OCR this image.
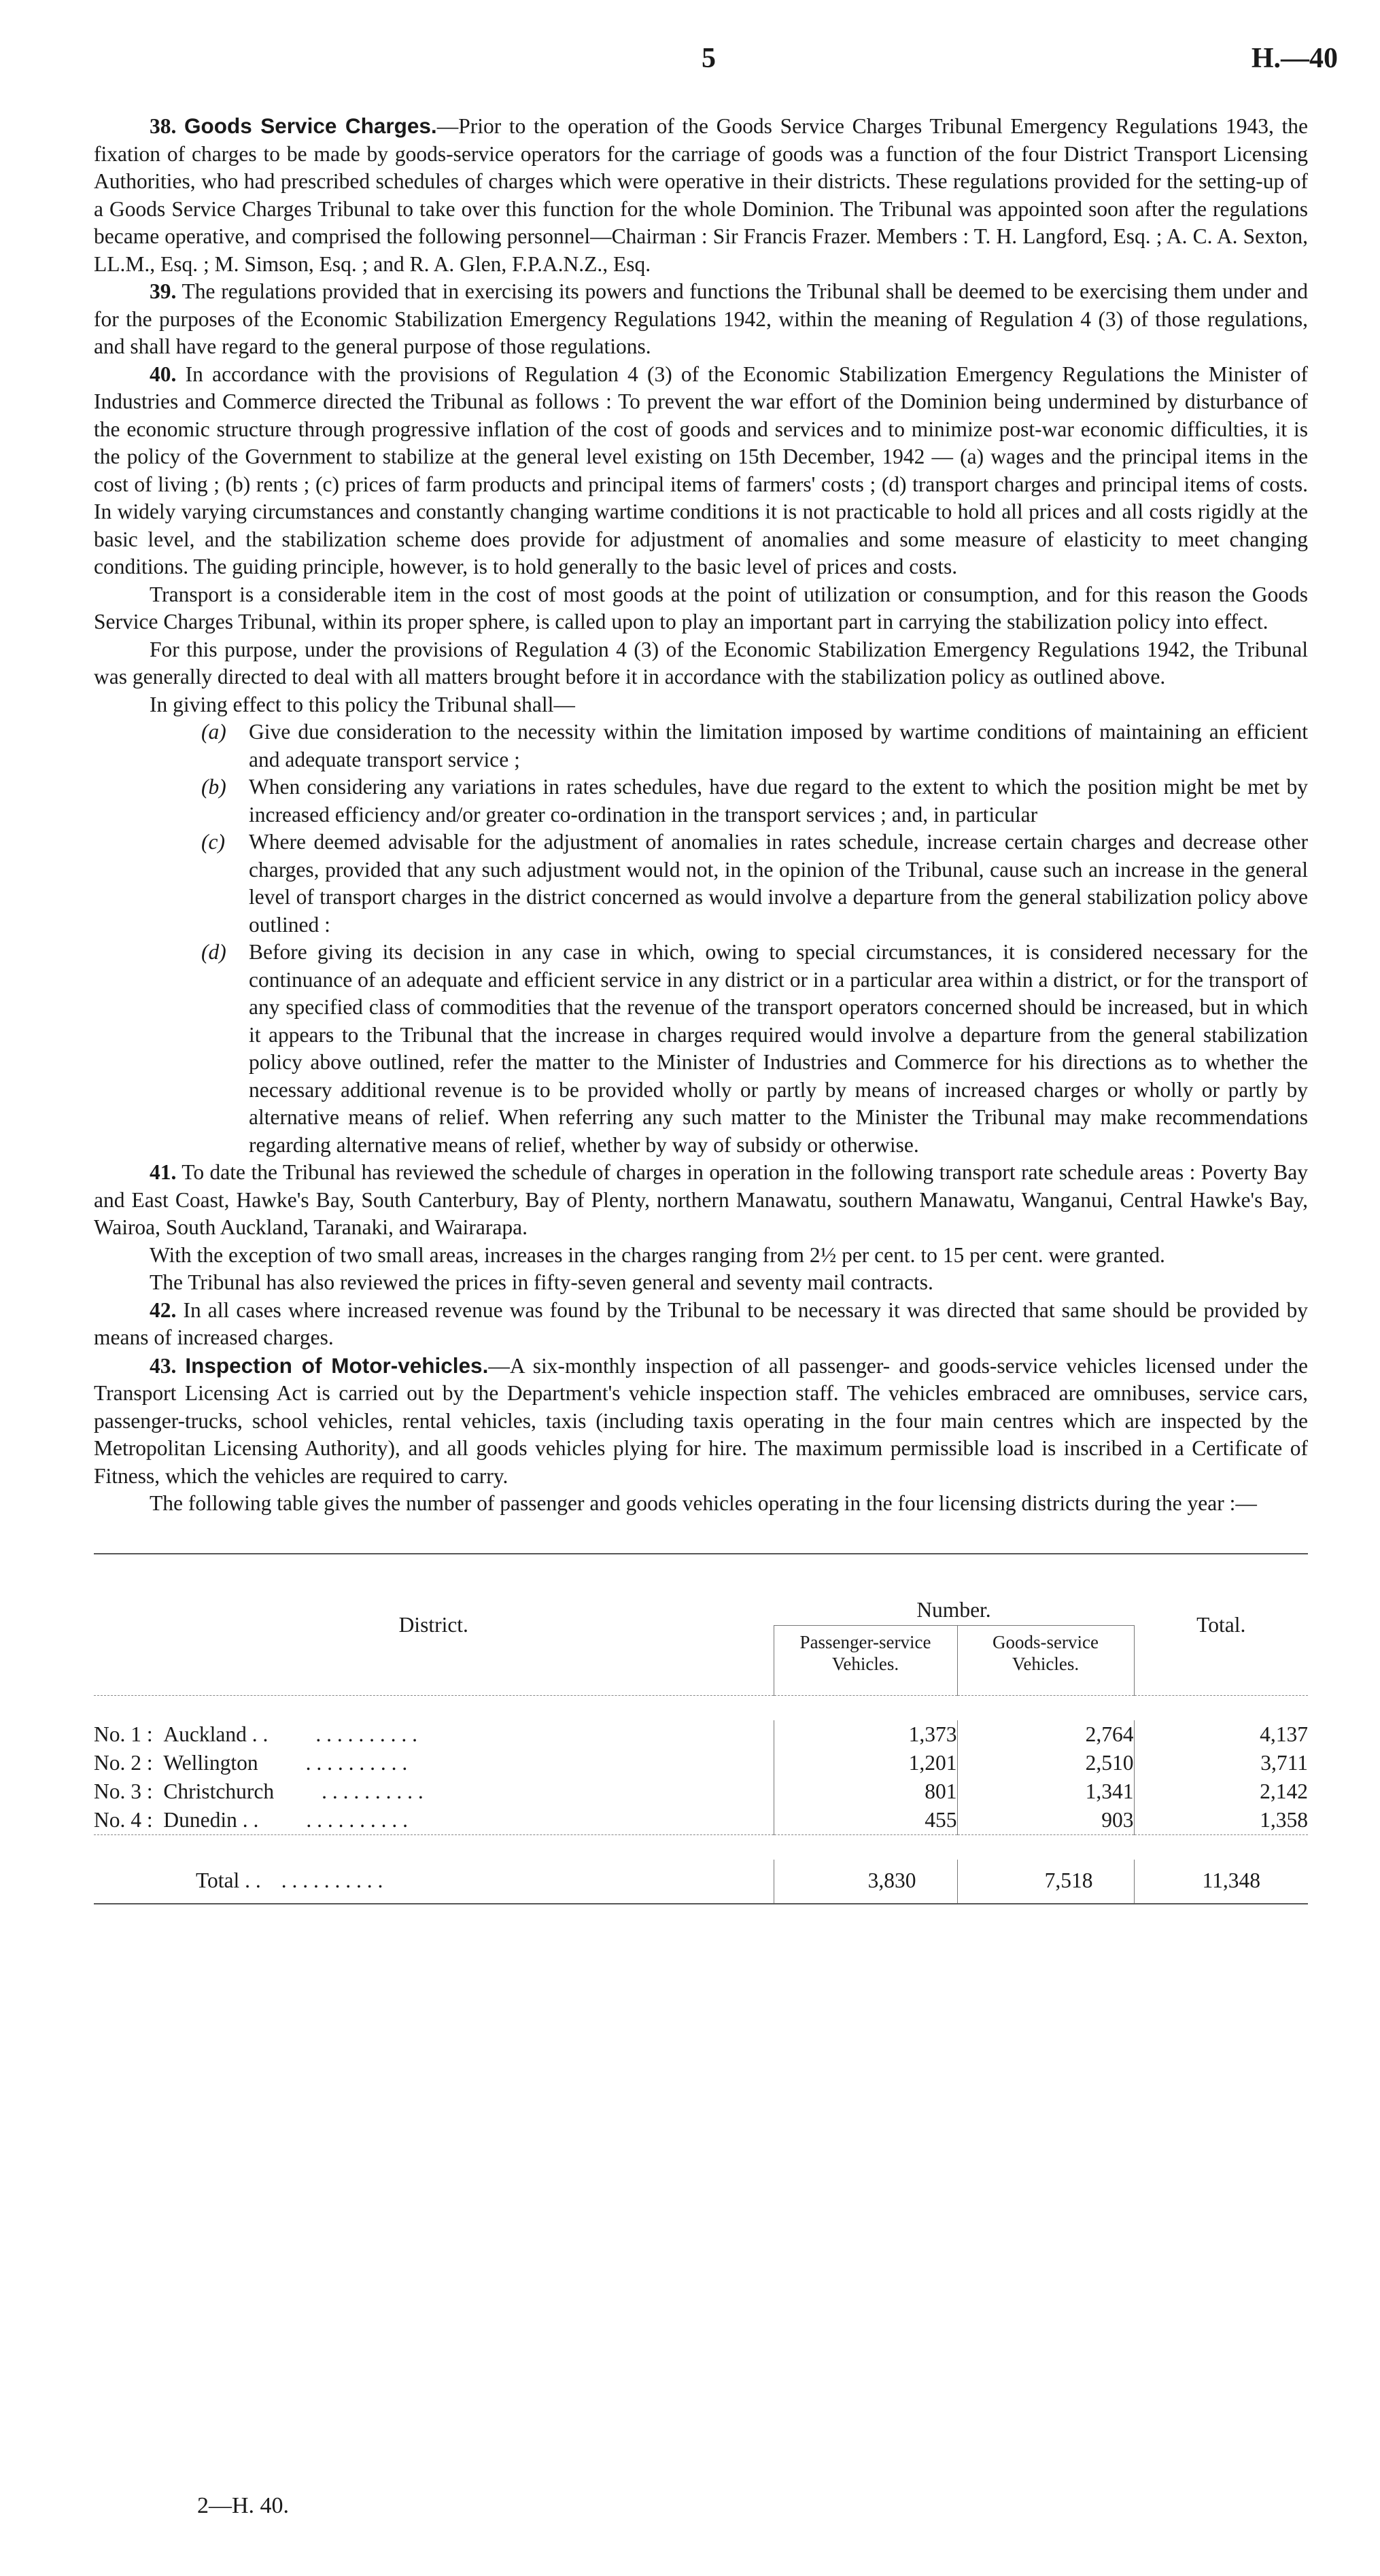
5	H.—40

38. Goods Service Charges.—Prior to the operation of the Goods Service Charges Tribunal Emergency Regulations 1943, the fixation of charges to be made by goods-service operators for the carriage of goods was a function of the four District Transport Licensing Authorities, who had prescribed schedules of charges which were operative in their districts. These regulations provided for the setting-up of a Goods Service Charges Tribunal to take over this function for the whole Dominion. The Tribunal was appointed soon after the regulations became operative, and comprised the following personnel—Chairman : Sir Francis Frazer. Members : T. H. Langford, Esq. ; A. C. A. Sexton, LL.M., Esq. ; M. Simson, Esq. ; and R. A. Glen, F.P.A.N.Z., Esq.

39. The regulations provided that in exercising its powers and functions the Tribunal shall be deemed to be exercising them under and for the purposes of the Economic Stabilization Emergency Regulations 1942, within the meaning of Regulation 4 (3) of those regulations, and shall have regard to the general purpose of those regulations.

40. In accordance with the provisions of Regulation 4 (3) of the Economic Stabilization Emergency Regulations the Minister of Industries and Commerce directed the Tribunal as follows : To prevent the war effort of the Dominion being undermined by disturbance of the economic structure through progressive inflation of the cost of goods and services and to minimize post-war economic difficulties, it is the policy of the Government to stabilize at the general level existing on 15th December, 1942 — (a) wages and the principal items in the cost of living ; (b) rents ; (c) prices of farm products and principal items of farmers' costs ; (d) transport charges and principal items of costs. In widely varying circumstances and constantly changing wartime conditions it is not practicable to hold all prices and all costs rigidly at the basic level, and the stabilization scheme does provide for adjustment of anomalies and some measure of elasticity to meet changing conditions. The guiding principle, however, is to hold generally to the basic level of prices and costs.

Transport is a considerable item in the cost of most goods at the point of utilization or consumption, and for this reason the Goods Service Charges Tribunal, within its proper sphere, is called upon to play an important part in carrying the stabilization policy into effect.

For this purpose, under the provisions of Regulation 4 (3) of the Economic Stabilization Emergency Regulations 1942, the Tribunal was generally directed to deal with all matters brought before it in accordance with the stabilization policy as outlined above.

In giving effect to this policy the Tribunal shall—

(a) Give due consideration to the necessity within the limitation imposed by wartime conditions of maintaining an efficient and adequate transport service ;
(b) When considering any variations in rates schedules, have due regard to the extent to which the position might be met by increased efficiency and/or greater co-ordination in the transport services ; and, in particular
(c) Where deemed advisable for the adjustment of anomalies in rates schedule, increase certain charges and decrease other charges, provided that any such adjustment would not, in the opinion of the Tribunal, cause such an increase in the general level of transport charges in the district concerned as would involve a departure from the general stabilization policy above outlined :
(d) Before giving its decision in any case in which, owing to special circumstances, it is considered necessary for the continuance of an adequate and efficient service in any district or in a particular area within a district, or for the transport of any specified class of commodities that the revenue of the transport operators concerned should be increased, but in which it appears to the Tribunal that the increase in charges required would involve a departure from the general stabilization policy above outlined, refer the matter to the Minister of Industries and Commerce for his directions as to whether the necessary additional revenue is to be provided wholly or partly by means of increased charges or wholly or partly by alternative means of relief. When referring any such matter to the Minister the Tribunal may make recommendations regarding alternative means of relief, whether by way of subsidy or otherwise.

41. To date the Tribunal has reviewed the schedule of charges in operation in the following transport rate schedule areas : Poverty Bay and East Coast, Hawke's Bay, South Canterbury, Bay of Plenty, northern Manawatu, southern Manawatu, Wanganui, Central Hawke's Bay, Wairoa, South Auckland, Taranaki, and Wairarapa.

With the exception of two small areas, increases in the charges ranging from 2½ per cent. to 15 per cent. were granted.

The Tribunal has also reviewed the prices in fifty-seven general and seventy mail contracts.

42. In all cases where increased revenue was found by the Tribunal to be necessary it was directed that same should be provided by means of increased charges.

43. Inspection of Motor-vehicles.—A six-monthly inspection of all passenger- and goods-service vehicles licensed under the Transport Licensing Act is carried out by the Department's vehicle inspection staff. The vehicles embraced are omnibuses, service cars, passenger-trucks, school vehicles, rental vehicles, taxis (including taxis operating in the four main centres which are inspected by the Metropolitan Licensing Authority), and all goods vehicles plying for hire. The maximum permissible load is inscribed in a Certificate of Fitness, which the vehicles are required to carry.

The following table gives the number of passenger and goods vehicles operating in the four licensing districts during the year :—

District.	Number.		Total.
	Passenger-service Vehicles.	Goods-service Vehicles.	

No. 1 : Auckland . . . . . . . . . . . .	1,373	2,764	4,137
No. 2 : Wellington . . . . . . . . . .	1,201	2,510	3,711
No. 3 : Christchurch . . . . . . . . . .	801	1,341	2,142
No. 4 : Dunedin . . . . . . . . . . . .	455	903	1,358

Total . . . . . . . . . . . .	3,830	7,518	11,348
2—H. 40.
